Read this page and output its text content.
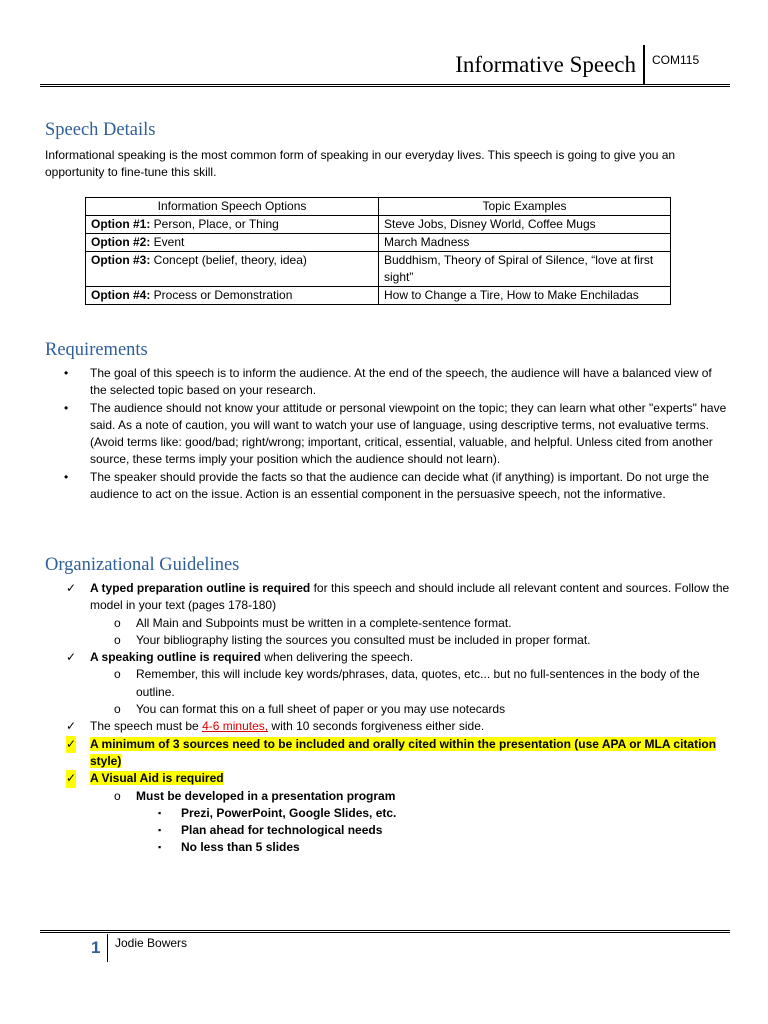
Informative Speech COM115
Speech Details
Informational speaking is the most common form of speaking in our everyday lives. This speech is going to give you an opportunity to fine-tune this skill.
Information Speech Options	Topic Examples
Option #1: Person, Place, or Thing	Steve Jobs, Disney World, Coffee Mugs
Option #2: Event	March Madness
Option #3: Concept (belief, theory, idea)	Buddhism, Theory of Spiral of Silence, “love at first sight”
Option #4: Process or Demonstration	How to Change a Tire, How to Make Enchiladas
Requirements
• The goal of this speech is to inform the audience. At the end of the speech, the audience will have a balanced view of the selected topic based on your research.
• The audience should not know your attitude or personal viewpoint on the topic; they can learn what other "experts" have said. As a note of caution, you will want to watch your use of language, using descriptive terms, not evaluative terms. (Avoid terms like: good/bad; right/wrong; important, critical, essential, valuable, and helpful. Unless cited from another source, these terms imply your position which the audience should not learn).
• The speaker should provide the facts so that the audience can decide what (if anything) is important. Do not urge the audience to act on the issue. Action is an essential component in the persuasive speech, not the informative.
Organizational Guidelines
✓ A typed preparation outline is required for this speech and should include all relevant content and sources. Follow the model in your text (pages 178-180)
o All Main and Subpoints must be written in a complete-sentence format.
o Your bibliography listing the sources you consulted must be included in proper format.
✓ A speaking outline is required when delivering the speech.
o Remember, this will include key words/phrases, data, quotes, etc... but no full-sentences in the body of the outline.
o You can format this on a full sheet of paper or you may use notecards
✓ The speech must be 4-6 minutes, with 10 seconds forgiveness either side.
✓ A minimum of 3 sources need to be included and orally cited within the presentation (use APA or MLA citation style)
✓ A Visual Aid is required
o Must be developed in a presentation program
▪ Prezi, PowerPoint, Google Slides, etc.
▪ Plan ahead for technological needs
▪ No less than 5 slides
1 Jodie Bowers
